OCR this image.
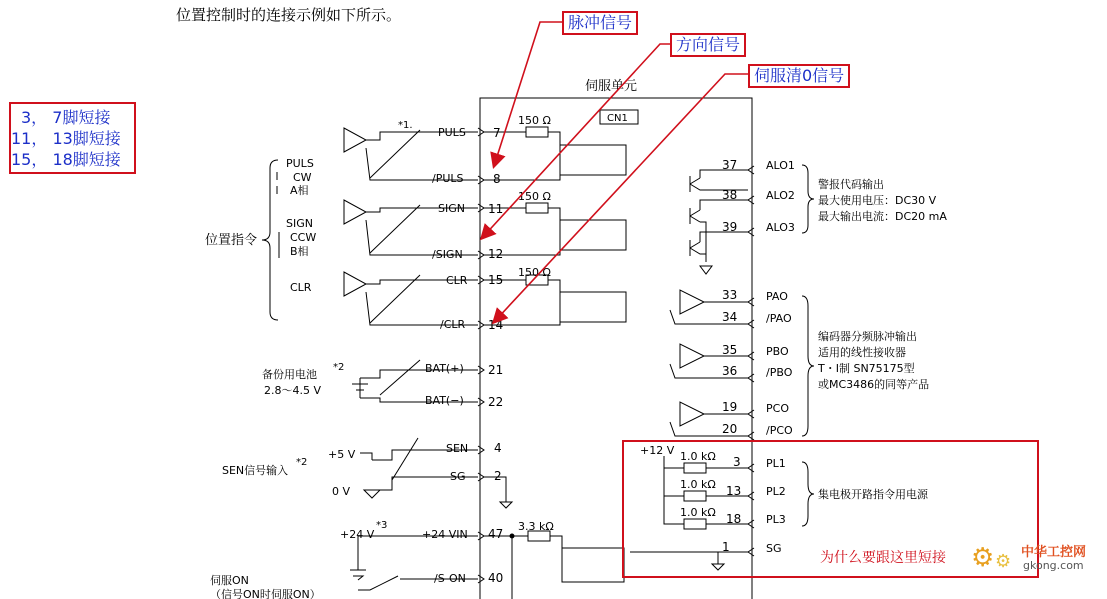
位置控制时的连接示例如下所示。
3， 7脚短接
11， 13脚短接
15， 18脚短接
伺服单元
CN1
位置指令
PULS
CW
A相
SIGN
CCW
B相
CLR
*1.
PULS 7
/PULS 8
SIGN 11
/SIGN 12
CLR 15
/CLR 14
150 Ω
150 Ω
150 Ω
备份用电池
*2
2.8～4.5 V
BAT(+) 21
BAT(−) 22
SEN信号输入
*2
+5 V
0 V
SEN 4
SG 2
+24 V
*3
伺服ON
（信号ON时伺服ON）
+24 VIN 47
/S-ON 40
3.3 kΩ
37	ALO1
38	ALO2
39	ALO3
警报代码输出
最大使用电压：DC30 V
最大输出电流：DC20 mA
33	PAO
34	/PAO
35	PBO
36	/PBO
19	PCO
20	/PCO
编码器分频脉冲输出
适用的线性接收器
T・I制 SN75175型
或MC3486的同等产品
+12 V 1.0 kΩ
1.0 kΩ
1.0 kΩ
3 PL1
13 PL2
18 PL3
1	SG
集电极开路指令用电源
为什么要跟这里短接
脉冲信号
方向信号
伺服清0信号
⚙ ⚙ 中华工控网
gkong.com
